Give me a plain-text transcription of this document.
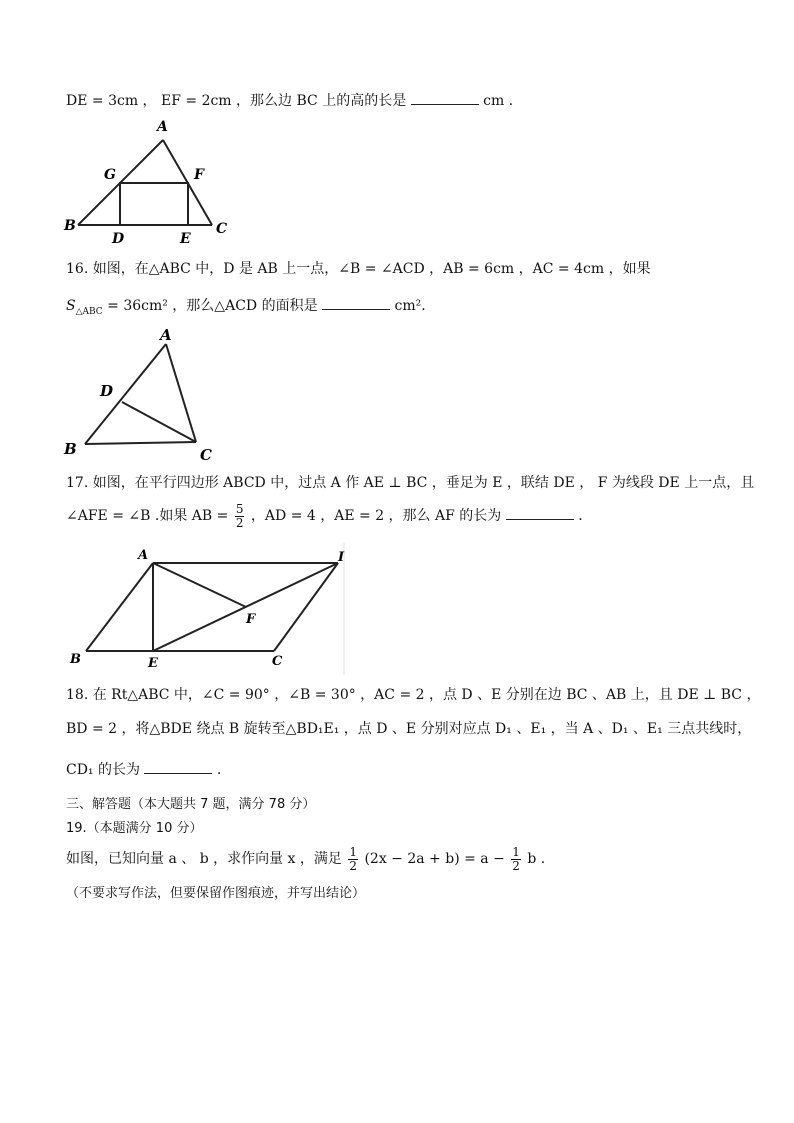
DE = 3cm ， EF = 2cm ，那么边 BC 上的高的长是	cm .
A
G	F
B
D	E
C
16. 如图，在△ABC 中，D 是 AB 上一点，∠B = ∠ACD ，AB = 6cm ，AC = 4cm ，如果
$S_{\triangle ABC} = 36cm^2$ ，那么△ACD 的面积是	cm².
A
D
B	C
17. 如图，在平行四边形 ABCD 中，过点 A 作 AE ⊥ BC ，垂足为 E ，联结 DE ， F 为线段 DE 上一点，且
∠AFE = ∠B .如果 AB = $\frac{5}{2}$ ，AD = 4 ，AE = 2 ，那么 AF 的长为	.
A	I
F
B	E	C
18. 在 Rt△ABC 中，∠C = 90° ，∠B = 30° ，AC = 2 ，点 D 、E 分别在边 BC 、AB 上，且 DE ⊥ BC ，
BD = 2 ，将△BDE 绕点 B 旋转至△BD₁E₁ ，点 D 、E 分别对应点 D₁ 、E₁ ，当 A 、D₁ 、E₁ 三点共线时，
CD₁ 的长为	.
三、解答题（本大题共 7 题，满分 78 分）
19.（本题满分 10 分）
如图，已知向量 a 、 b ，求作向量 x ，满足 $\frac{1}{2} (2x - 2a + b) = a - \frac{1}{2}$ b .
（不要求写作法，但要保留作图痕迹，并写出结论）
